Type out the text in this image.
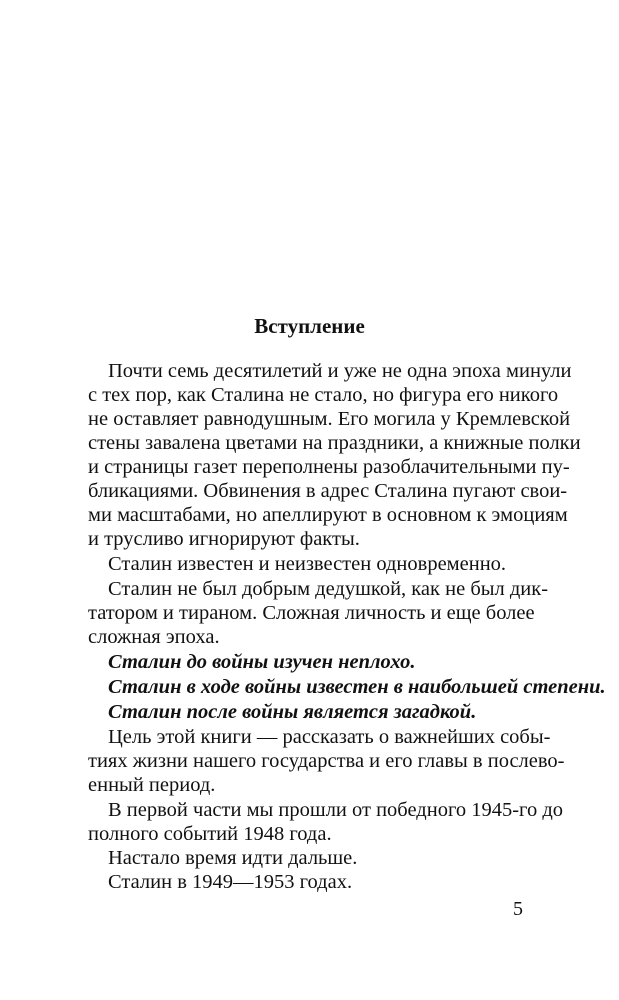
Вступление
Почти семь десятилетий и уже не одна эпоха минули
с тех пор, как Сталина не стало, но фигура его никого
не оставляет равнодушным. Его могила у Кремлевской
стены завалена цветами на праздники, а книжные полки
и страницы газет переполнены разоблачительными пу-
бликациями. Обвинения в адрес Сталина пугают свои-
ми масштабами, но апеллируют в основном к эмоциям
и трусливо игнорируют факты.
Сталин известен и неизвестен одновременно.
Сталин не был добрым дедушкой, как не был дик-
татором и тираном. Сложная личность и еще более
сложная эпоха.
Сталин до войны изучен неплохо.
Сталин в ходе войны известен в наибольшей степени.
Сталин после войны является загадкой.
Цель этой книги — рассказать о важнейших собы-
тиях жизни нашего государства и его главы в послево-
енный период.
В первой части мы прошли от победного 1945-го до
полного событий 1948 года.
Настало время идти дальше.
Сталин в 1949—1953 годах.
5
